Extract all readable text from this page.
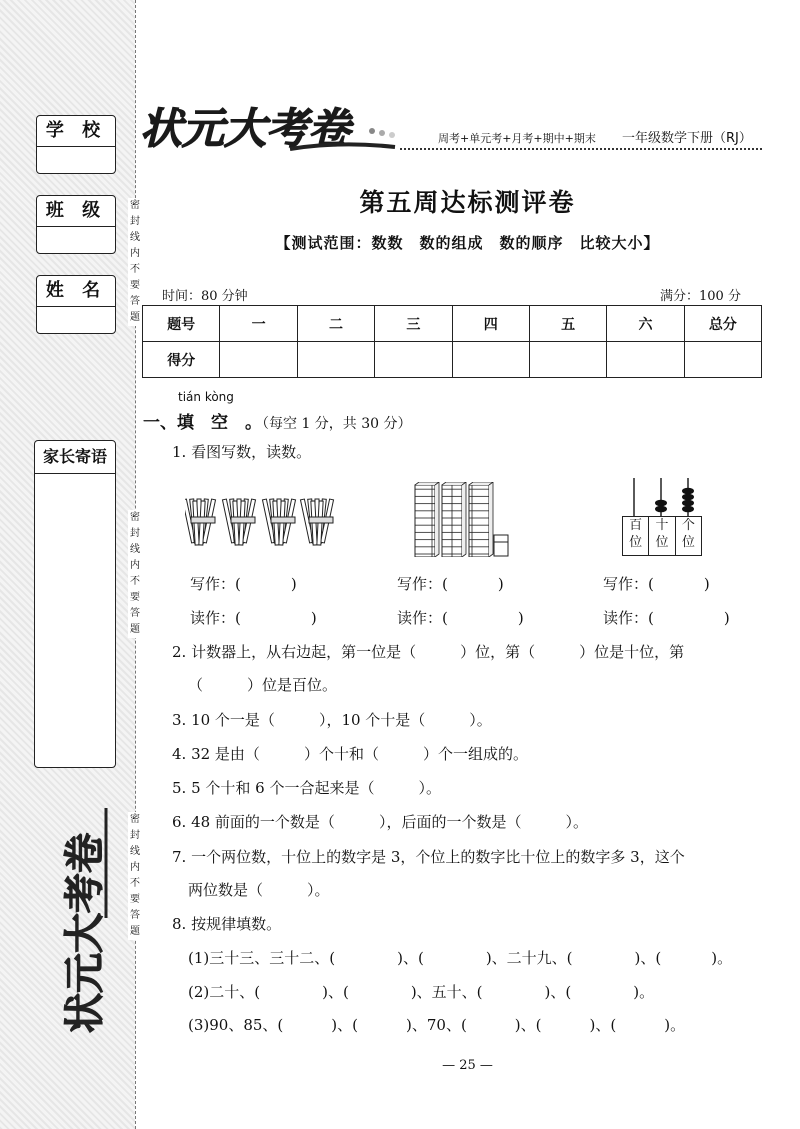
学 校
班 级
姓 名
家长寄语
密
封
线
内
不
要
答
题
密
封
线
内
不
要
答
题
密
封
线
内
不
要
答
题
状元大考卷
状元大考卷	周考+单元考+月考+期中+期末 一年级数学下册（RJ）
第五周达标测评卷
【测试范围：数数　数的组成　数的顺序　比较大小】
时间：80 分钟	满分：100 分
题号	一	二	三	四	五	六	总分
得分							
tián kòng
一、填　空　。（每空 1 分，共 30 分）
1. 看图写数，读数。
百
位
十
位
个
位
写作：(	)	写作：(	)	写作：(	)
读作：(	)	读作：(	)	读作：(	)
2. 计数器上，从右边起，第一位是（	）位，第（	）位是十位，第
（	）位是百位。
3. 10 个一是（	），10 个十是（	）。
4. 32 是由（	）个十和（	）个一组成的。
5. 5 个十和 6 个一合起来是（	）。
6. 48 前面的一个数是（	），后面的一个数是（	）。
7. 一个两位数，十位上的数字是 3，个位上的数字比十位上的数字多 3，这个
两位数是（	）。
8. 按规律填数。
(1)三十三、三十二、(	)、(	)、二十九、(	)、(	)。
(2)二十、(	)、(	)、五十、(	)、(	)。
(3)90、85、(	)、(	)、70、(	)、(	)、(	)。
— 25 —
